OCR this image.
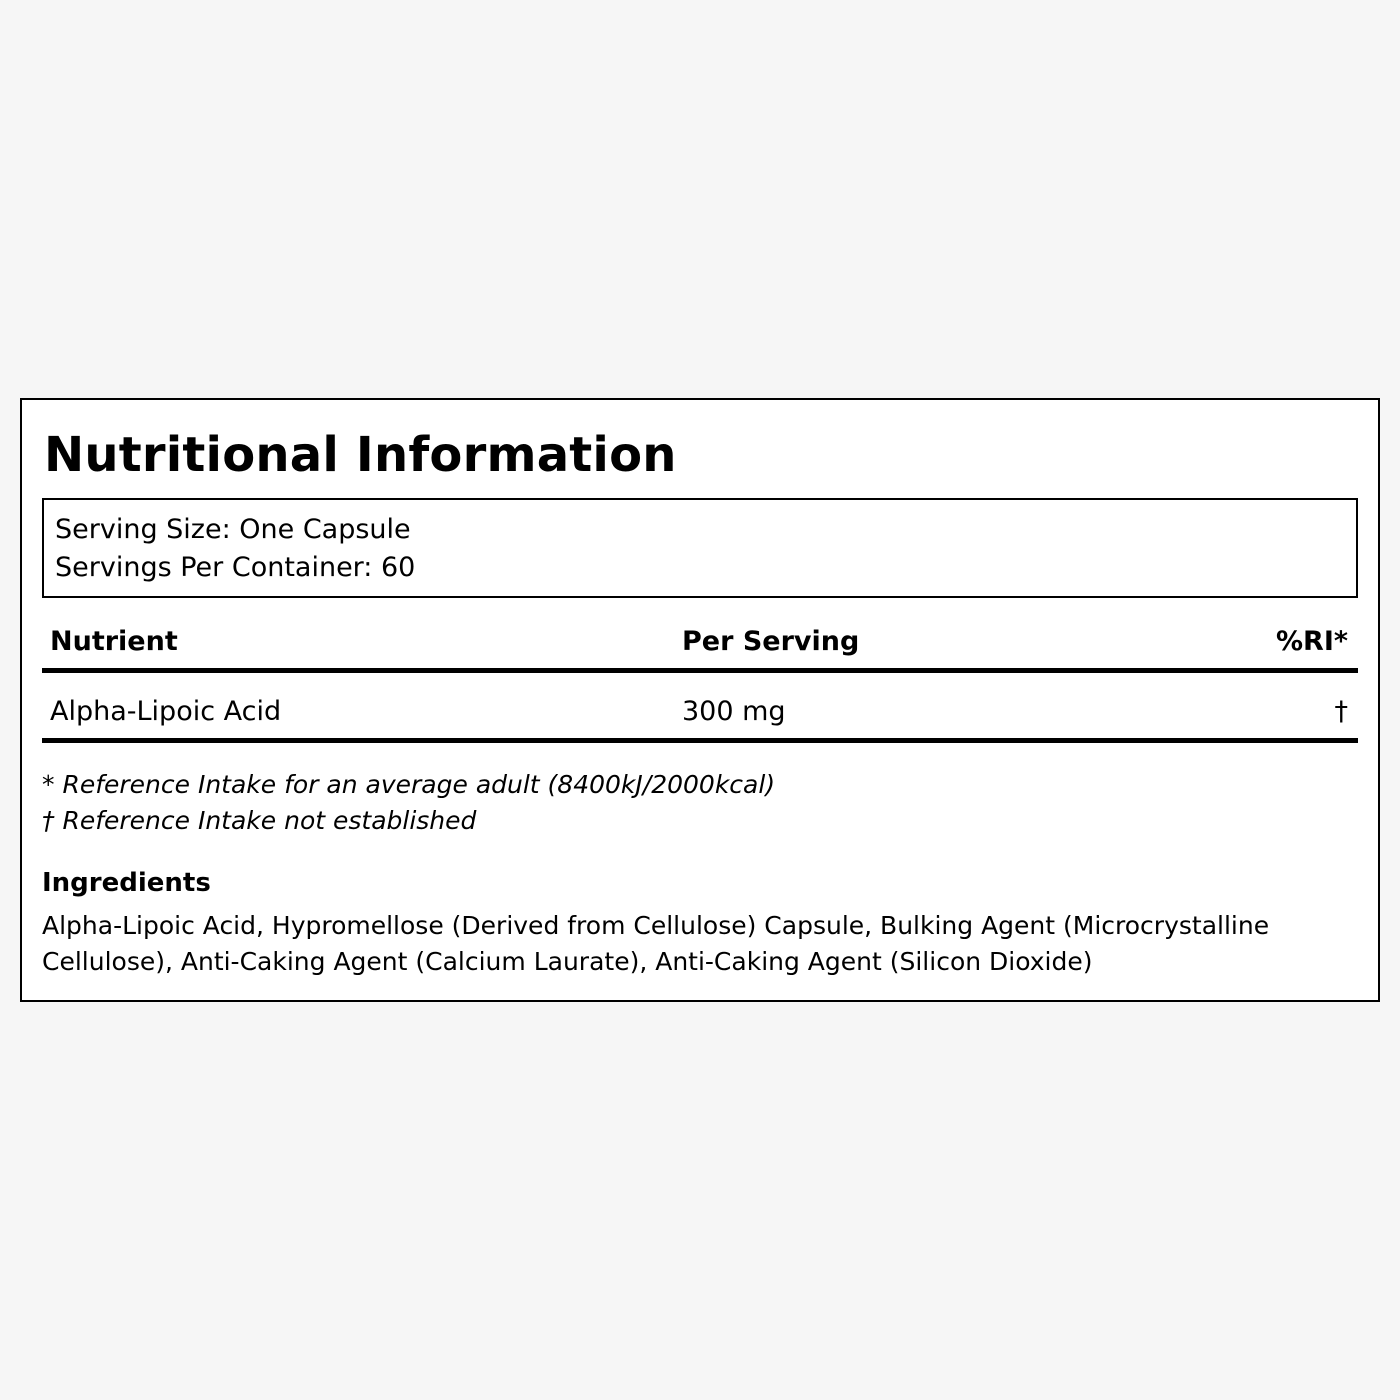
Nutritional Information
Serving Size: One Capsule
Servings Per Container: 60
Nutrient	Per Serving	%RI*
Alpha-Lipoic Acid	300 mg	†
* Reference Intake for an average adult (8400kJ/2000kcal)
† Reference Intake not established
Ingredients

Alpha-Lipoic Acid, Hypromellose (Derived from Cellulose) Capsule, Bulking Agent (Microcrystalline Cellulose), Anti-Caking Agent (Calcium Laurate), Anti-Caking Agent (Silicon Dioxide)
